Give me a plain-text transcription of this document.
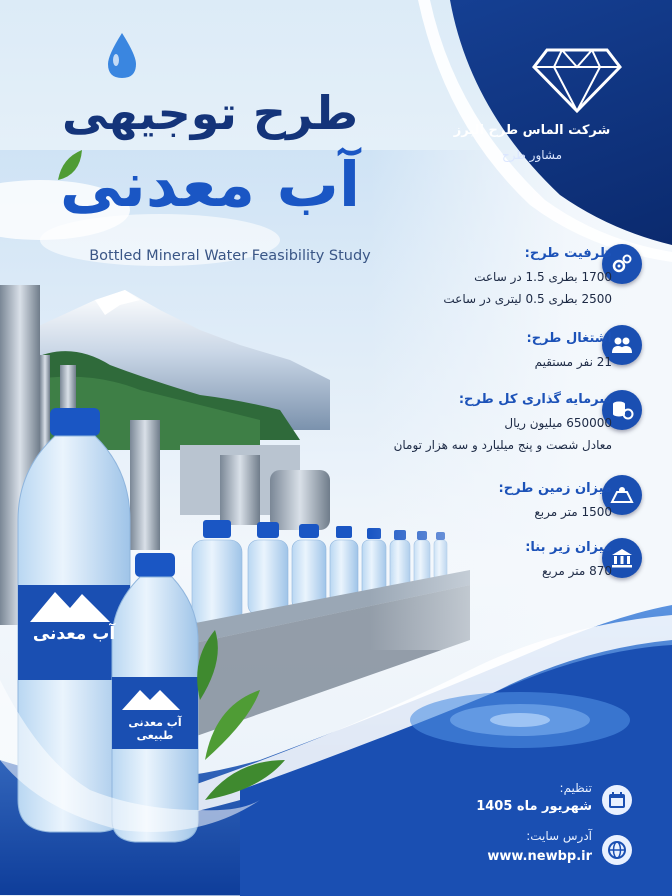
شرکت الماس طرح البرز
مشاور طرح
طرح توجیهی
آب معدنی
Bottled Mineral Water Feasibility Study	ظرفیت طرح:
1700 بطری 1.5 در ساعت
2500 بطری 0.5 لیتری در ساعت
اشتغال طرح:
21 نفر مستقیم
سرمایه گذاری کل طرح:
650000 میلیون ریال
معادل شصت و پنج میلیارد و سه هزار تومان
میزان زمین طرح:
1500 متر مربع
میزان زیر بنا:
870 متر مربع
آب معدنی
آب معدنی طبیعی
تنظیم:
شهریور ماه 1405
آدرس سایت:
www.newbp.ir
